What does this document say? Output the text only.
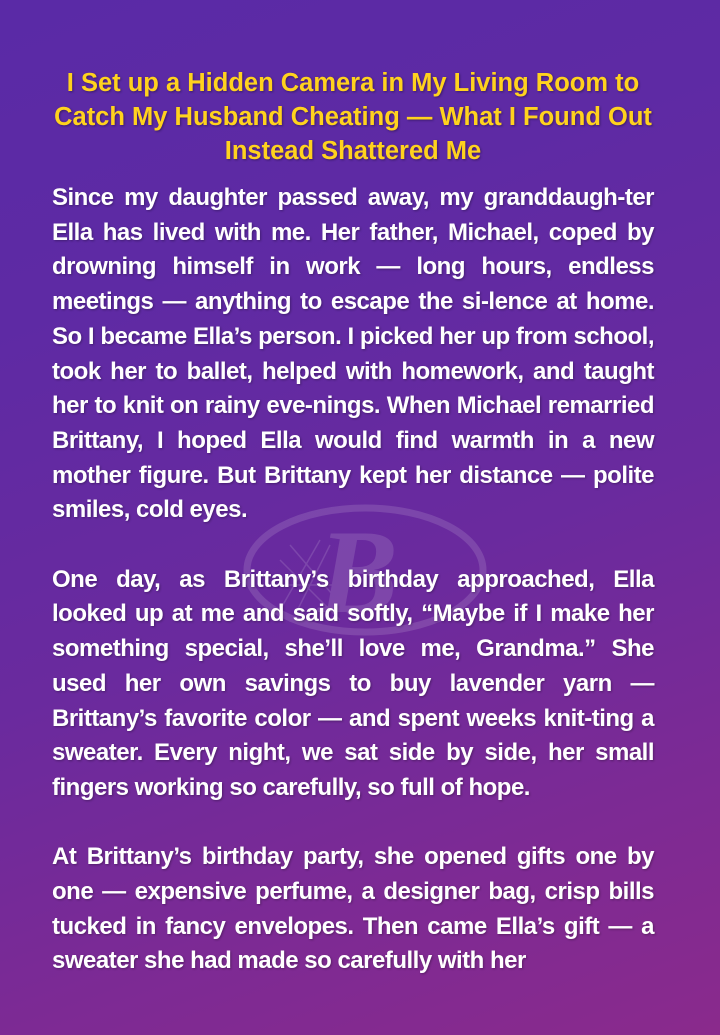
B
I Set up a Hidden Camera in My Living Room to Catch My Husband Cheating — What I Found Out Instead Shattered Me
Since my daughter passed away, my granddaugh-ter Ella has lived with me. Her father, Michael, coped by drowning himself in work — long hours, endless meetings — anything to escape the si-lence at home. So I became Ella’s person. I picked her up from school, took her to ballet, helped with homework, and taught her to knit on rainy eve-nings. When Michael remarried Brittany, I hoped Ella would find warmth in a new mother figure. But Brittany kept her distance — polite smiles, cold eyes.
One day, as Brittany’s birthday approached, Ella looked up at me and said softly, “Maybe if I make her something special, she’ll love me, Grandma.” She used her own savings to buy lavender yarn — Brittany’s favorite color — and spent weeks knit-ting a sweater. Every night, we sat side by side, her small fingers working so carefully, so full of hope.
At Brittany’s birthday party, she opened gifts one by one — expensive perfume, a designer bag, crisp bills tucked in fancy envelopes. Then came Ella’s gift — a sweater she had made so carefully with her
